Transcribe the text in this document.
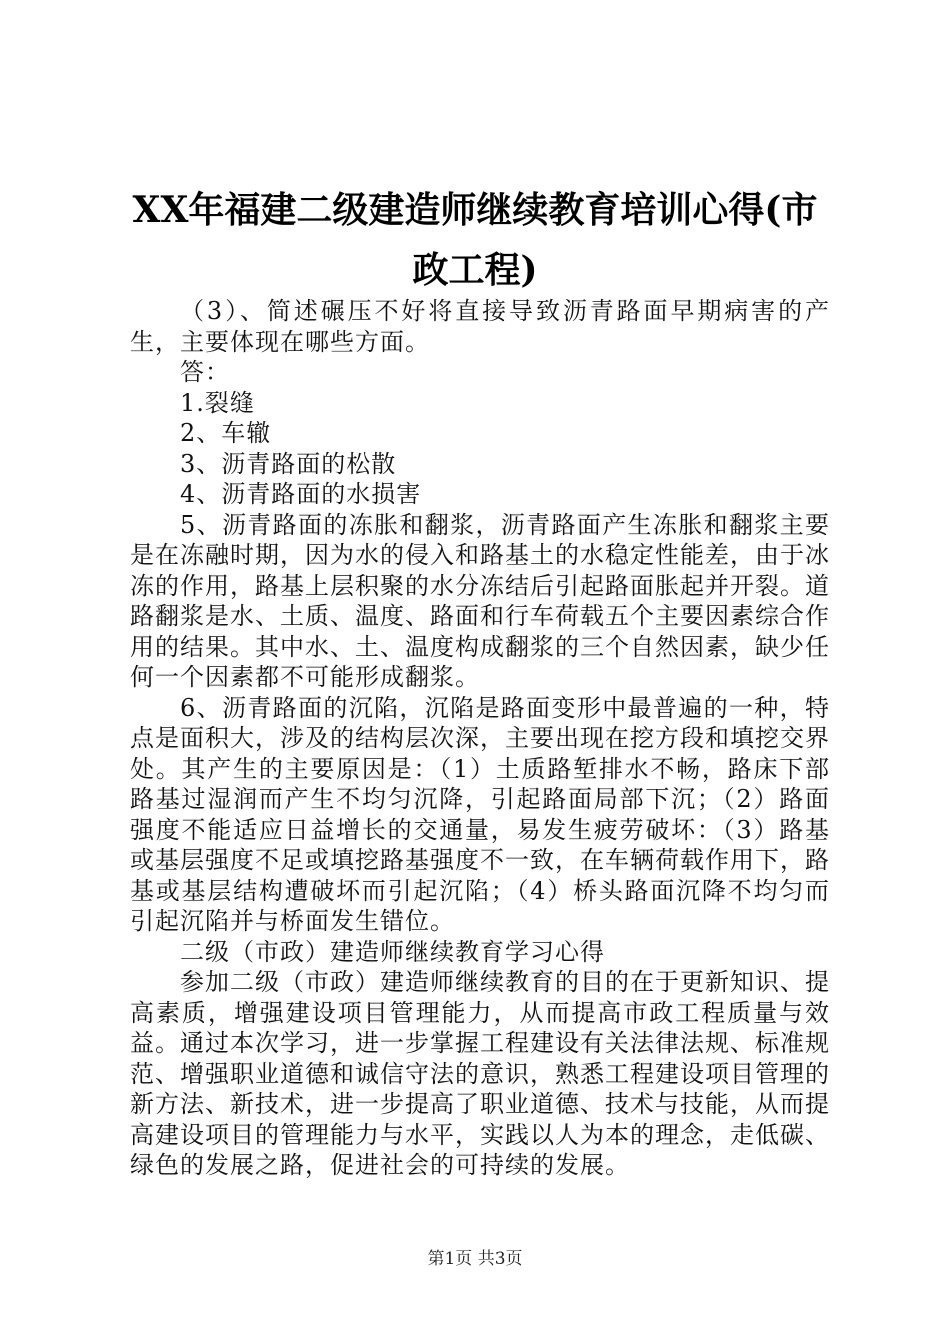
XX年福建二级建造师继续教育培训心得(市政工程)

（3）、简述碾压不好将直接导致沥青路面早期病害的产生，主要体现在哪些方面。

答：

1.裂缝

2、车辙

3、沥青路面的松散

4、沥青路面的水损害

5、沥青路面的冻胀和翻浆，沥青路面产生冻胀和翻浆主要是在冻融时期，因为水的侵入和路基土的水稳定性能差，由于冰冻的作用，路基上层积聚的水分冻结后引起路面胀起并开裂。道路翻浆是水、土质、温度、路面和行车荷载五个主要因素综合作用的结果。其中水、土、温度构成翻浆的三个自然因素，缺少任何一个因素都不可能形成翻浆。

6、沥青路面的沉陷，沉陷是路面变形中最普遍的一种，特点是面积大，涉及的结构层次深，主要出现在挖方段和填挖交界处。其产生的主要原因是：（1）土质路堑排水不畅，路床下部路基过湿润而产生不均匀沉降，引起路面局部下沉；（2）路面强度不能适应日益增长的交通量，易发生疲劳破坏：（3）路基或基层强度不足或填挖路基强度不一致，在车辆荷载作用下，路基或基层结构遭破坏而引起沉陷；（4）桥头路面沉降不均匀而引起沉陷并与桥面发生错位。

二级（市政）建造师继续教育学习心得

参加二级（市政）建造师继续教育的目的在于更新知识、提高素质，增强建设项目管理能力，从而提高市政工程质量与效益。通过本次学习，进一步掌握工程建设有关法律法规、标准规范、增强职业道德和诚信守法的意识，熟悉工程建设项目管理的新方法、新技术，进一步提高了职业道德、技术与技能，从而提高建设项目的管理能力与水平，实践以人为本的理念，走低碳、绿色的发展之路，促进社会的可持续的发展。

第1页 共3页
